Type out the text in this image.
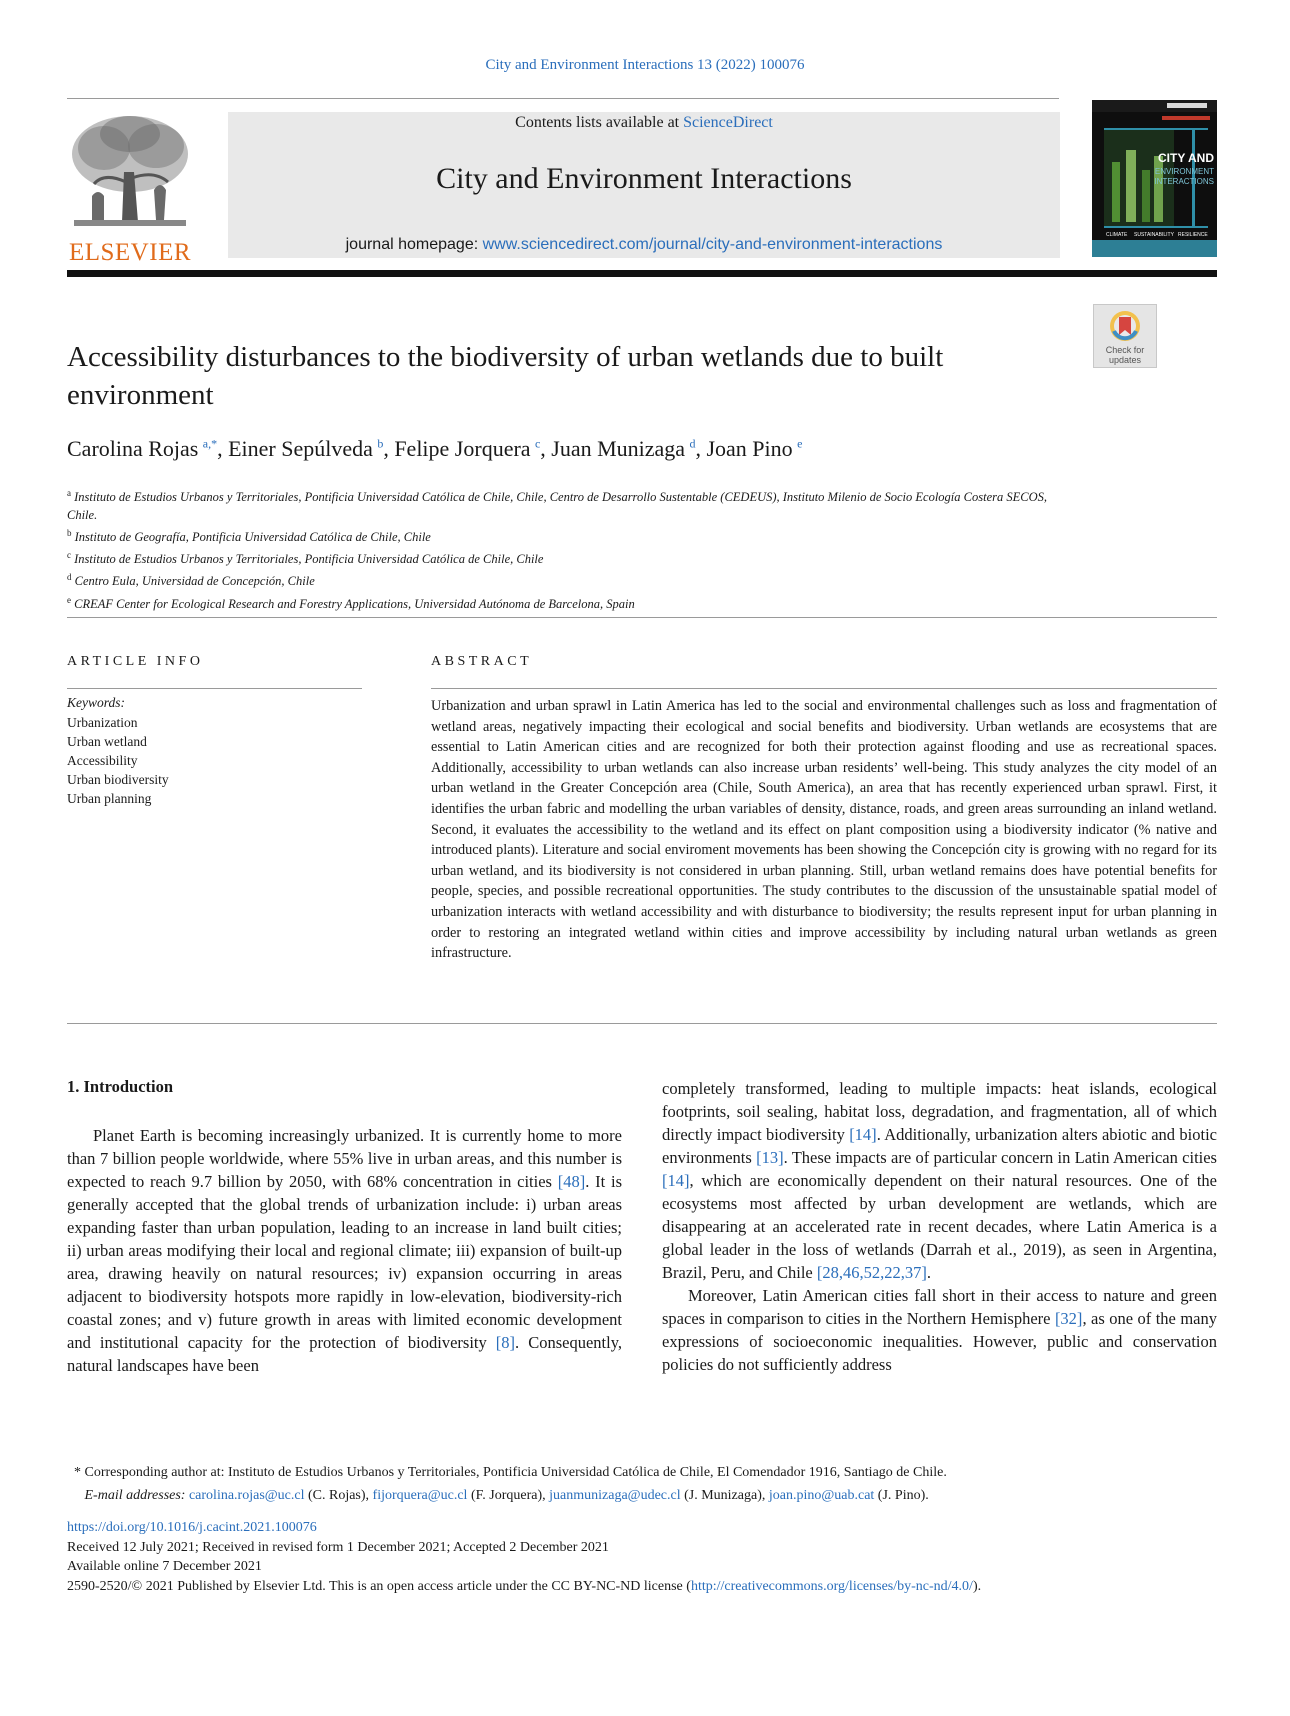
City and Environment Interactions 13 (2022) 100076
ELSEVIER
Contents lists available at ScienceDirect
City and Environment Interactions
journal homepage: www.sciencedirect.com/journal/city-and-environment-interactions
CITY AND
ENVIRONMENT
INTERACTIONS
CLIMATE SUSTAINABILITY RESILIENCE
Check for
updates
Accessibility disturbances to the biodiversity of urban wetlands due to built environment
Carolina Rojas  $^{a,*}$, Einer Sepúlveda  $^b$, Felipe Jorquera  $^c$, Juan Munizaga  $^d$, Joan Pino  $^e$
$^a$ Instituto de Estudios Urbanos y Territoriales, Pontificia Universidad Católica de Chile, Chile, Centro de Desarrollo Sustentable (CEDEUS), Instituto Milenio de Socio Ecología Costera SECOS, Chile.
$^b$ Instituto de Geografía, Pontificia Universidad Católica de Chile, Chile
$^c$ Instituto de Estudios Urbanos y Territoriales, Pontificia Universidad Católica de Chile, Chile
$^d$ Centro Eula, Universidad de Concepción, Chile
$^e$ CREAF Center for Ecological Research and Forestry Applications, Universidad Autónoma de Barcelona, Spain
ARTICLE INFO
Keywords:
Urbanization
Urban wetland
Accessibility
Urban biodiversity
Urban planning
ABSTRACT
Urbanization and urban sprawl in Latin America has led to the social and environmental challenges such as loss and fragmentation of wetland areas, negatively impacting their ecological and social benefits and biodiversity. Urban wetlands are ecosystems that are essential to Latin American cities and are recognized for both their protection against flooding and use as recreational spaces. Additionally, accessibility to urban wetlands can also increase urban residents’ well-being. This study analyzes the city model of an urban wetland in the Greater Concepción area (Chile, South America), an area that has recently experienced urban sprawl. First, it identifies the urban fabric and modelling the urban variables of density, distance, roads, and green areas surrounding an inland wetland. Second, it evaluates the accessibility to the wetland and its effect on plant composition using a biodiversity indicator (% native and introduced plants). Literature and social enviroment movements has been showing the Concepción city is growing with no regard for its urban wetland, and its biodiversity is not considered in urban planning. Still, urban wetland remains does have potential benefits for people, species, and possible recreational opportunities. The study contributes to the discussion of the unsustainable spatial model of urbanization interacts with wetland accessibility and with disturbance to biodiversity; the results represent input for urban planning in order to restoring an integrated wetland within cities and improve accessibility by including natural urban wetlands as green infrastructure.
1. Introduction

Planet Earth is becoming increasingly urbanized. It is currently home to more than 7 billion people worldwide, where 55% live in urban areas, and this number is expected to reach 9.7 billion by 2050, with 68% concentration in cities [48]. It is generally accepted that the global trends of urbanization include: i) urban areas expanding faster than urban population, leading to an increase in land built cities; ii) urban areas modifying their local and regional climate; iii) expansion of built-up area, drawing heavily on natural resources; iv) expansion occurring in areas adjacent to biodiversity hotspots more rapidly in low-elevation, biodiversity-rich coastal zones; and v) future growth in areas with limited economic development and institutional capacity for the protection of biodiversity [8]. Consequently, natural landscapes have been

completely transformed, leading to multiple impacts: heat islands, ecological footprints, soil sealing, habitat loss, degradation, and fragmentation, all of which directly impact biodiversity [14]. Additionally, urbanization alters abiotic and biotic environments [13]. These impacts are of particular concern in Latin American cities [14], which are economically dependent on their natural resources. One of the ecosystems most affected by urban development are wetlands, which are disappearing at an accelerated rate in recent decades, where Latin America is a global leader in the loss of wetlands (Darrah et al., 2019), as seen in Argentina, Brazil, Peru, and Chile [28,46,52,22,37].

Moreover, Latin American cities fall short in their access to nature and green spaces in comparison to cities in the Northern Hemisphere [32], as one of the many expressions of socioeconomic inequalities. However, public and conservation policies do not sufficiently address

* Corresponding author at: Instituto de Estudios Urbanos y Territoriales, Pontificia Universidad Católica de Chile, El Comendador 1916, Santiago de Chile.
E-mail addresses: carolina.rojas@uc.cl (C. Rojas), fijorquera@uc.cl (F. Jorquera), juanmunizaga@udec.cl (J. Munizaga), joan.pino@uab.cat (J. Pino).
https://doi.org/10.1016/j.cacint.2021.100076
Received 12 July 2021; Received in revised form 1 December 2021; Accepted 2 December 2021
Available online 7 December 2021
2590-2520/© 2021 Published by Elsevier Ltd. This is an open access article under the CC BY-NC-ND license (http://creativecommons.org/licenses/by-nc-nd/4.0/).
